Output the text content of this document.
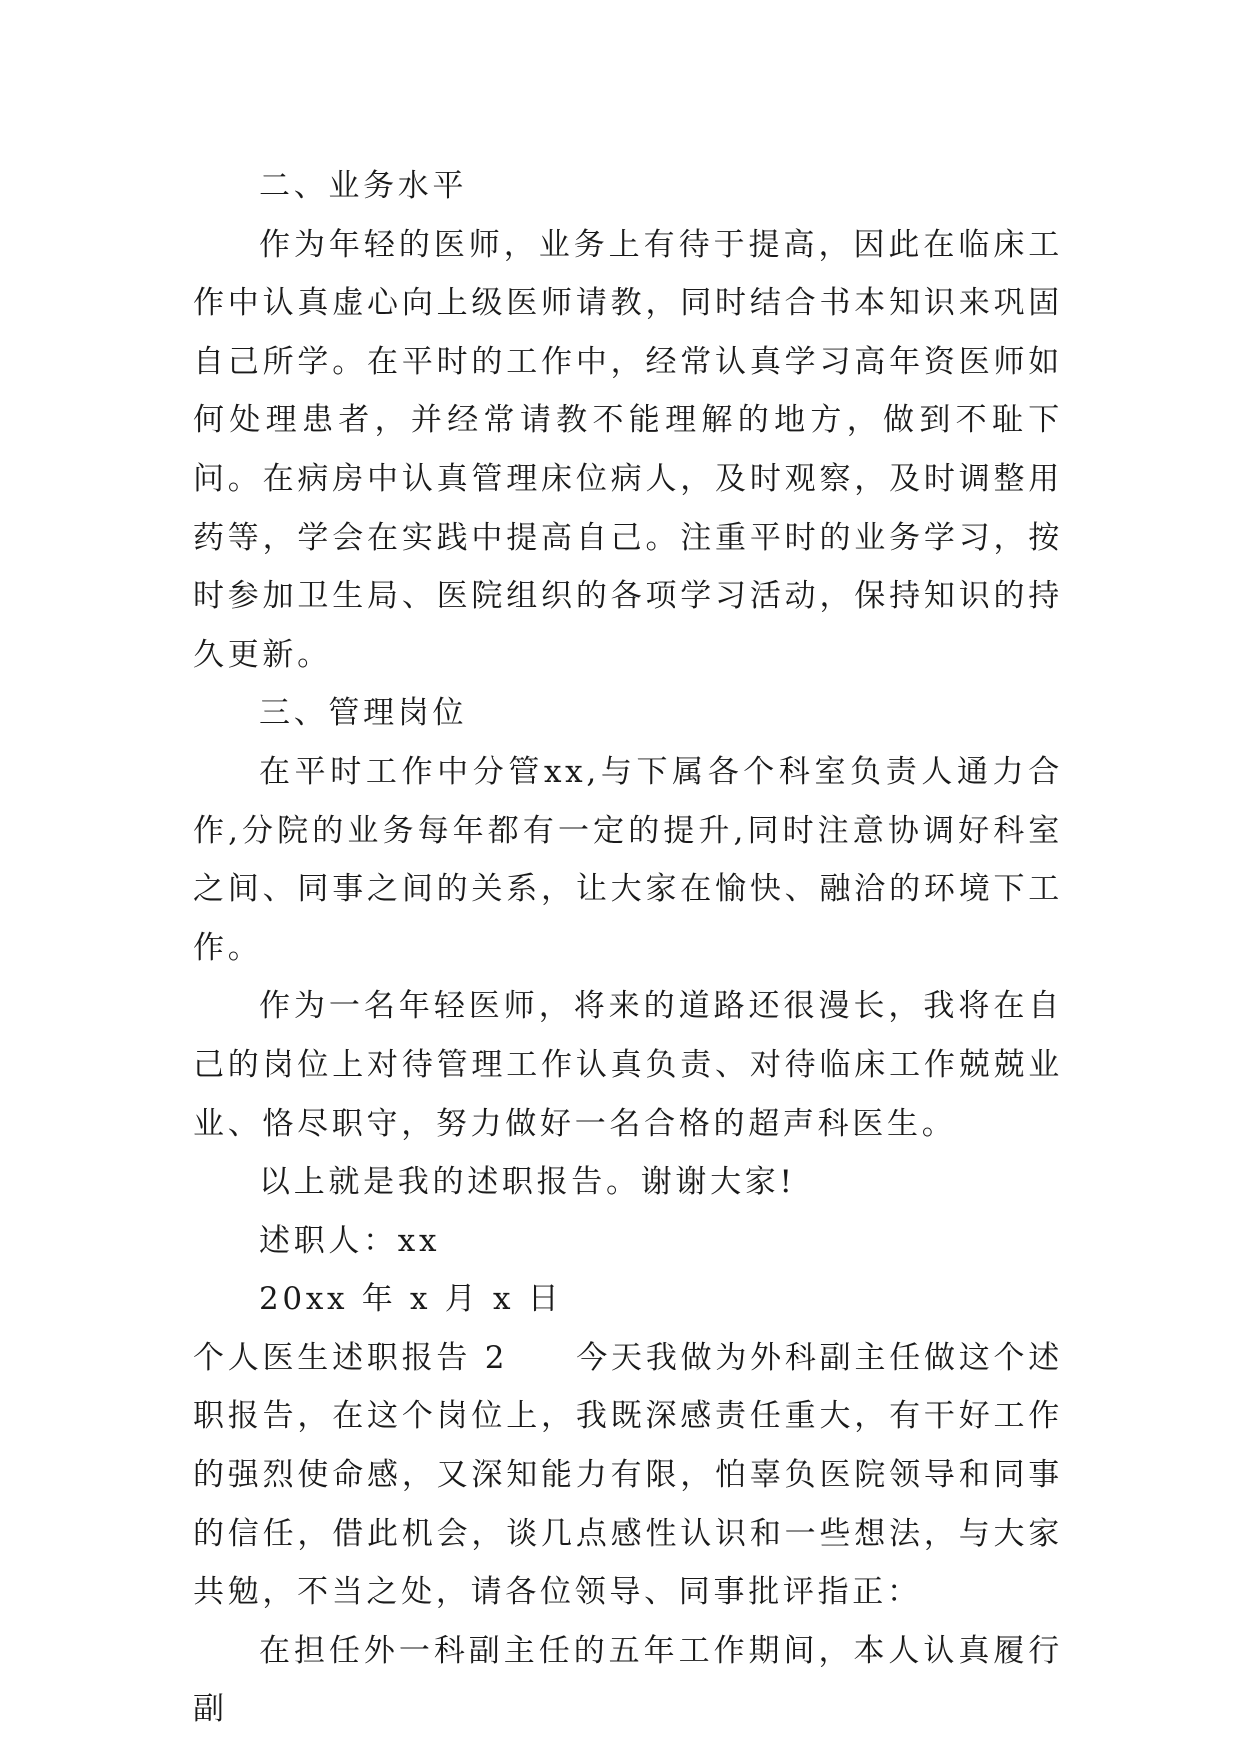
二、业务水平

作为年轻的医师，业务上有待于提高，因此在临床工作中认真虚心向上级医师请教，同时结合书本知识来巩固自己所学。在平时的工作中，经常认真学习高年资医师如何处理患者，并经常请教不能理解的地方，做到不耻下问。在病房中认真管理床位病人，及时观察，及时调整用药等，学会在实践中提高自己。注重平时的业务学习，按时参加卫生局、医院组织的各项学习活动，保持知识的持久更新。

三、管理岗位

在平时工作中分管xx,与下属各个科室负责人通力合作,分院的业务每年都有一定的提升,同时注意协调好科室之间、同事之间的关系，让大家在愉快、融洽的环境下工作。

作为一名年轻医师，将来的道路还很漫长，我将在自己的岗位上对待管理工作认真负责、对待临床工作兢兢业业、恪尽职守，努力做好一名合格的超声科医生。

以上就是我的述职报告。谢谢大家!

述职人：xx

20xx 年 x 月 x 日

个人医生述职报告 2 今天我做为外科副主任做这个述职报告，在这个岗位上，我既深感责任重大，有干好工作的强烈使命感，又深知能力有限，怕辜负医院领导和同事的信任，借此机会，谈几点感性认识和一些想法，与大家共勉，不当之处，请各位领导、同事批评指正：

在担任外一科副主任的五年工作期间，本人认真履行副
